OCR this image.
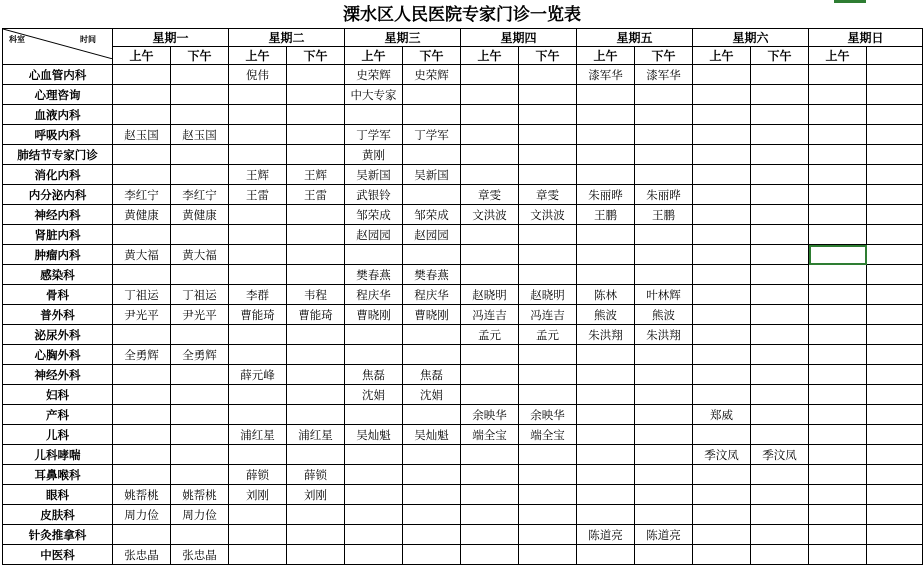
溧水区人民医院专家门诊一览表
科室 时间	星期一		星期二		星期三		星期四		星期五		星期六		星期日	
	上午	下午	上午	下午	上午	下午	上午	下午	上午	下午	上午	下午	上午	
心血管内科			倪伟		史荣辉	史荣辉			漆军华	漆军华				
心理咨询					中大专家									
血液内科														
呼吸内科	赵玉国	赵玉国			丁学军	丁学军								
肺结节专家门诊					黄刚									
消化内科			王辉	王辉	吴新国	吴新国								
内分泌内科	李红宁	李红宁	王雷	王雷	武银铃		章雯	章雯	朱丽晔	朱丽晔				
神经内科	黄健康	黄健康			邹荣成	邹荣成	文洪波	文洪波	王鹏	王鹏				
肾脏内科					赵园园	赵园园								
肿瘤内科	黄大福	黄大福												
感染科					樊春燕	樊春燕								
骨科	丁祖运	丁祖运	李群	韦程	程庆华	程庆华	赵晓明	赵晓明	陈林	叶林辉				
普外科	尹光平	尹光平	曹能琦	曹能琦	曹晓刚	曹晓刚	冯连吉	冯连吉	熊波	熊波				
泌尿外科							孟元	孟元	朱洪翔	朱洪翔				
心胸外科	全勇辉	全勇辉												
神经外科			薛元峰		焦磊	焦磊								
妇科					沈娟	沈娟								
产科							余映华	余映华			郑威			
儿科			浦红星	浦红星	吴灿魁	吴灿魁	端全宝	端全宝						
儿科哮喘											季汶凤	季汶凤		
耳鼻喉科			薛锁	薛锁										
眼科	姚帮桃	姚帮桃	刘刚	刘刚										
皮肤科	周力俭	周力俭												
针灸推拿科									陈道亮	陈道亮				
中医科	张忠晶	张忠晶												
